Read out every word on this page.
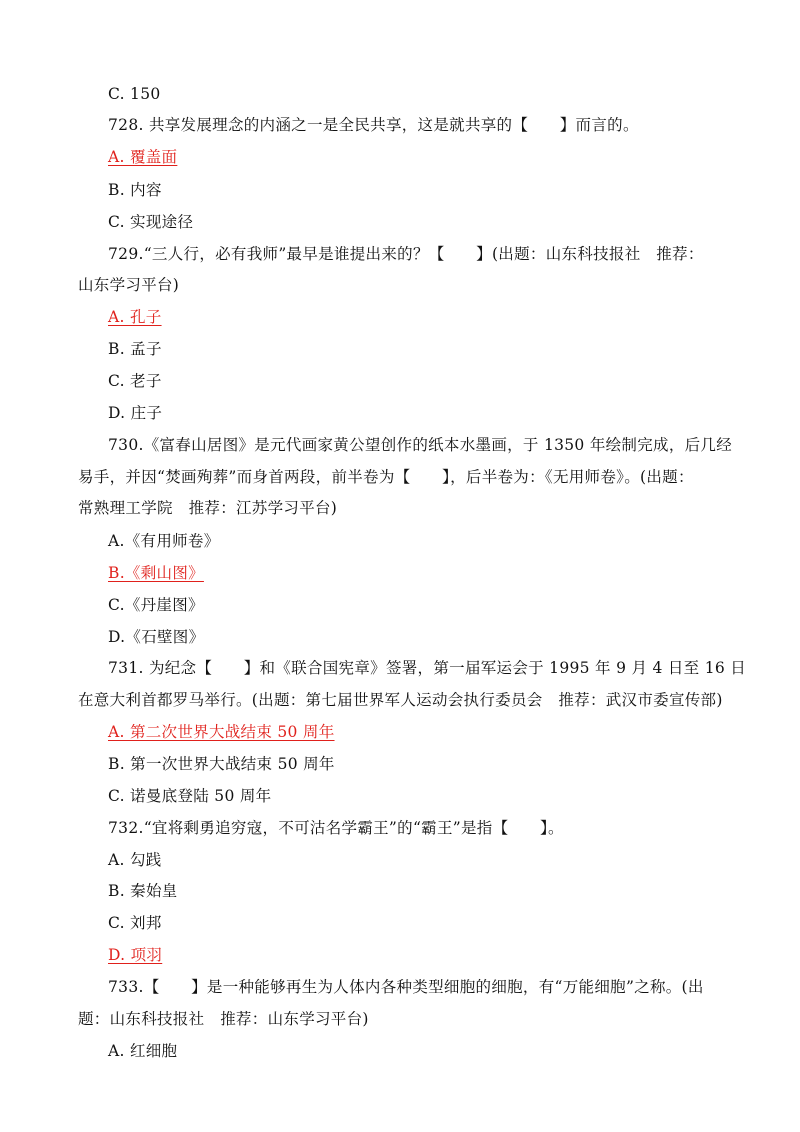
C. 150
728. 共享发展理念的内涵之一是全民共享，这是就共享的【　　】而言的。
A. 覆盖面
B. 内容
C. 实现途径
729.“三人行，必有我师”最早是谁提出来的？【　　】(出题：山东科技报社　推荐：
山东学习平台)
A. 孔子
B. 孟子
C. 老子
D. 庄子
730.《富春山居图》是元代画家黄公望创作的纸本水墨画，于 1350 年绘制完成，后几经
易手，并因“焚画殉葬”而身首两段，前半卷为【　　】，后半卷为：《无用师卷》。(出题：
常熟理工学院　推荐：江苏学习平台)
A.《有用师卷》
B.《剩山图》
C.《丹崖图》
D.《石壁图》
731. 为纪念【　　】和《联合国宪章》签署，第一届军运会于 1995 年 9 月 4 日至 16 日
在意大利首都罗马举行。(出题：第七届世界军人运动会执行委员会　推荐：武汉市委宣传部)
A. 第二次世界大战结束 50 周年
B. 第一次世界大战结束 50 周年
C. 诺曼底登陆 50 周年
732.“宜将剩勇追穷寇，不可沽名学霸王”的“霸王”是指【　　】。
A. 勾践
B. 秦始皇
C. 刘邦
D. 项羽
733.【　　】是一种能够再生为人体内各种类型细胞的细胞，有“万能细胞”之称。(出
题：山东科技报社　推荐：山东学习平台)
A. 红细胞
